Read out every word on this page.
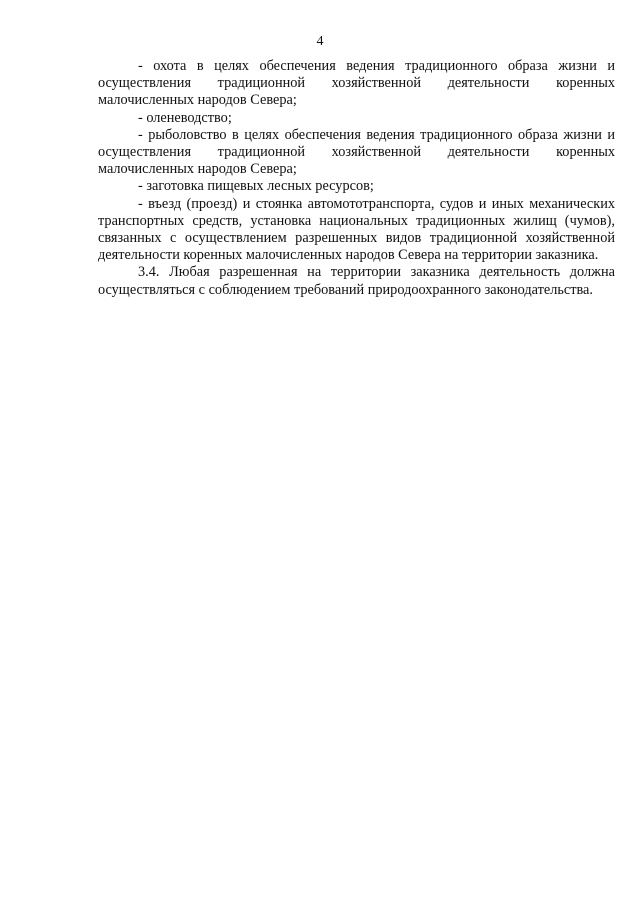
4

- охота в целях обеспечения ведения традиционного образа жизни и осуществления традиционной хозяйственной деятельности коренных малочисленных народов Севера;

- оленеводство;

- рыболовство в целях обеспечения ведения традиционного образа жизни и осуществления традиционной хозяйственной деятельности коренных малочисленных народов Севера;

- заготовка пищевых лесных ресурсов;

- въезд (проезд) и стоянка автомототранспорта, судов и иных механических транспортных средств, установка национальных традиционных жилищ (чумов), связанных с осуществлением разрешенных видов традиционной хозяйственной деятельности коренных малочисленных народов Севера на территории заказника.

3.4. Любая разрешенная на территории заказника деятельность должна осуществляться с соблюдением требований природоохранного законодательства.
